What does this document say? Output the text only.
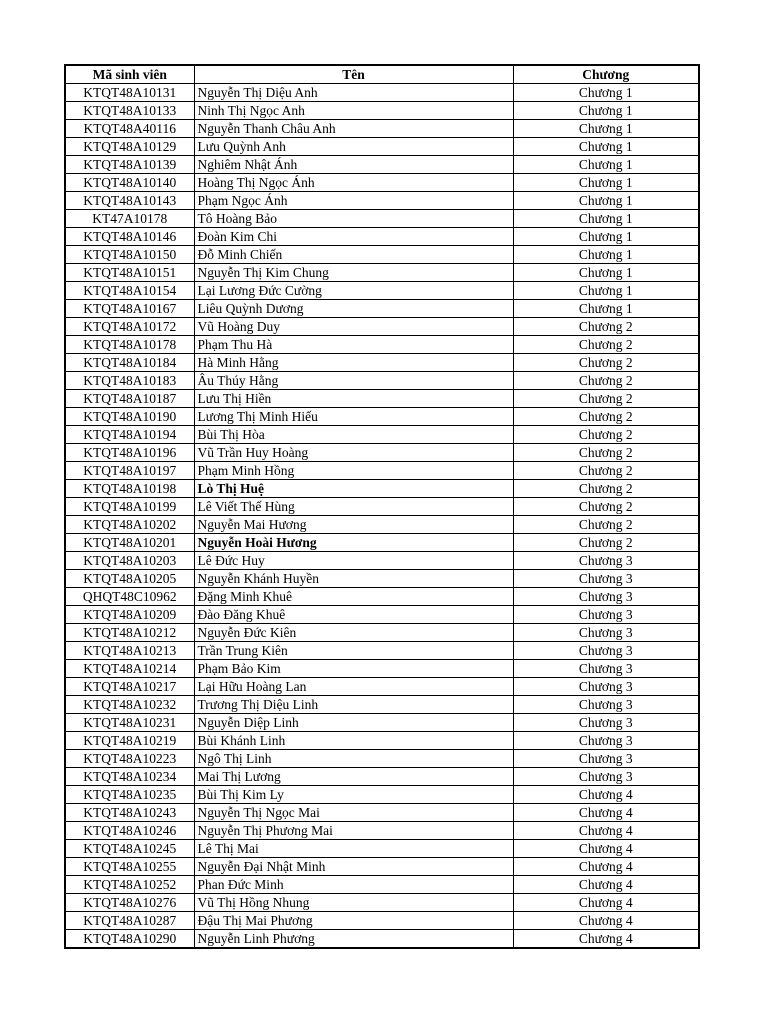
Mã sinh viên	Tên	Chương
KTQT48A10131	Nguyễn Thị Diệu Anh	Chương 1
KTQT48A10133	Ninh Thị Ngọc Anh	Chương 1
KTQT48A40116	Nguyễn Thanh Châu Anh	Chương 1
KTQT48A10129	Lưu Quỳnh Anh	Chương 1
KTQT48A10139	Nghiêm Nhật Ánh	Chương 1
KTQT48A10140	Hoàng Thị Ngọc Ánh	Chương 1
KTQT48A10143	Phạm Ngọc Ánh	Chương 1
KT47A10178	Tô Hoàng Bảo	Chương 1
KTQT48A10146	Đoàn Kim Chi	Chương 1
KTQT48A10150	Đỗ Minh Chiến	Chương 1
KTQT48A10151	Nguyễn Thị Kim Chung	Chương 1
KTQT48A10154	Lại Lương Đức Cường	Chương 1
KTQT48A10167	Liêu Quỳnh Dương	Chương 1
KTQT48A10172	Vũ Hoàng Duy	Chương 2
KTQT48A10178	Phạm Thu Hà	Chương 2
KTQT48A10184	Hà Minh Hằng	Chương 2
KTQT48A10183	Âu Thúy Hằng	Chương 2
KTQT48A10187	Lưu Thị Hiền	Chương 2
KTQT48A10190	Lương Thị Minh Hiếu	Chương 2
KTQT48A10194	Bùi Thị Hòa	Chương 2
KTQT48A10196	Vũ Trần Huy Hoàng	Chương 2
KTQT48A10197	Phạm Minh Hồng	Chương 2
KTQT48A10198	Lò Thị Huệ	Chương 2
KTQT48A10199	Lê Viết Thế Hùng	Chương 2
KTQT48A10202	Nguyễn Mai Hương	Chương 2
KTQT48A10201	Nguyễn Hoài Hương	Chương 2
KTQT48A10203	Lê Đức Huy	Chương 3
KTQT48A10205	Nguyễn Khánh Huyền	Chương 3
QHQT48C10962	Đặng Minh Khuê	Chương 3
KTQT48A10209	Đào Đăng Khuê	Chương 3
KTQT48A10212	Nguyễn Đức Kiên	Chương 3
KTQT48A10213	Trần Trung Kiên	Chương 3
KTQT48A10214	Phạm Bảo Kim	Chương 3
KTQT48A10217	Lại Hữu Hoàng Lan	Chương 3
KTQT48A10232	Trương Thị Diệu Linh	Chương 3
KTQT48A10231	Nguyễn Diệp Linh	Chương 3
KTQT48A10219	Bùi Khánh Linh	Chương 3
KTQT48A10223	Ngô Thị Linh	Chương 3
KTQT48A10234	Mai Thị Lương	Chương 3
KTQT48A10235	Bùi Thị Kim Ly	Chương 4
KTQT48A10243	Nguyễn Thị Ngọc Mai	Chương 4
KTQT48A10246	Nguyễn Thị Phương Mai	Chương 4
KTQT48A10245	Lê Thị Mai	Chương 4
KTQT48A10255	Nguyễn Đại Nhật Minh	Chương 4
KTQT48A10252	Phan Đức Minh	Chương 4
KTQT48A10276	Vũ Thị Hồng Nhung	Chương 4
KTQT48A10287	Đậu Thị Mai Phương	Chương 4
KTQT48A10290	Nguyễn Linh Phương	Chương 4
